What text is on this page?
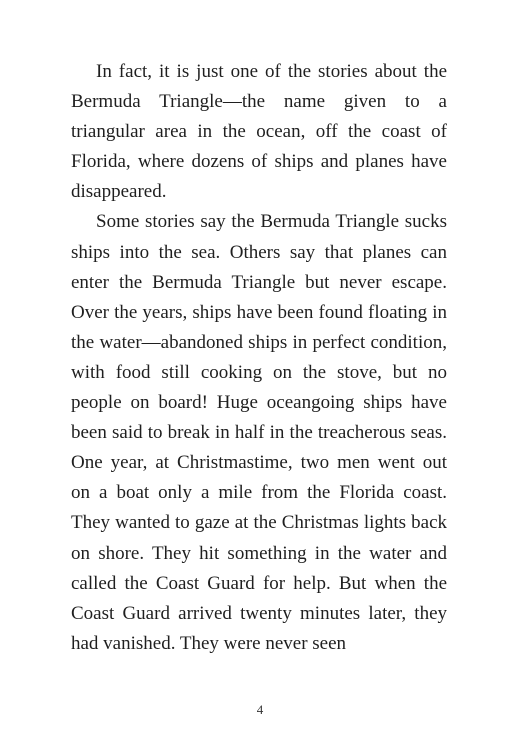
In fact, it is just one of the stories about the Bermuda Triangle—the name given to a triangular area in the ocean, off the coast of Florida, where dozens of ships and planes have disappeared.

Some stories say the Bermuda Triangle sucks ships into the sea. Others say that planes can enter the Bermuda Triangle but never escape. Over the years, ships have been found floating in the water—abandoned ships in perfect condition, with food still cooking on the stove, but no people on board! Huge oceangoing ships have been said to break in half in the treacherous seas. One year, at Christmastime, two men went out on a boat only a mile from the Florida coast. They wanted to gaze at the Christmas lights back on shore. They hit something in the water and called the Coast Guard for help. But when the Coast Guard arrived twenty minutes later, they had vanished. They were never seen

4
